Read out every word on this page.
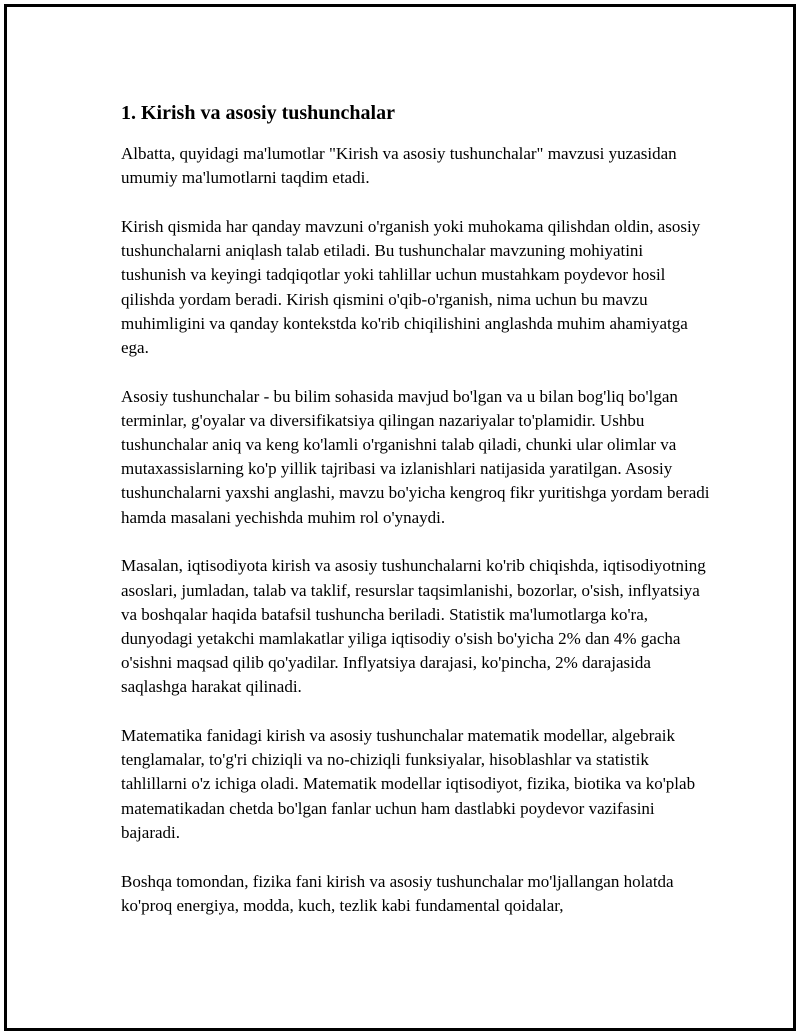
1. Kirish va asosiy tushunchalar

Albatta, quyidagi ma'lumotlar "Kirish va asosiy tushunchalar" mavzusi yuzasidan umumiy ma'lumotlarni taqdim etadi.

Kirish qismida har qanday mavzuni o'rganish yoki muhokama qilishdan oldin, asosiy tushunchalarni aniqlash talab etiladi. Bu tushunchalar mavzuning mohiyatini tushunish va keyingi tadqiqotlar yoki tahlillar uchun mustahkam poydevor hosil qilishda yordam beradi. Kirish qismini o'qib-o'rganish, nima uchun bu mavzu muhimligini va qanday kontekstda ko'rib chiqilishini anglashda muhim ahamiyatga ega.

Asosiy tushunchalar - bu bilim sohasida mavjud bo'lgan va u bilan bog'liq bo'lgan terminlar, g'oyalar va diversifikatsiya qilingan nazariyalar to'plamidir. Ushbu tushunchalar aniq va keng ko'lamli o'rganishni talab qiladi, chunki ular olimlar va mutaxassislarning ko'p yillik tajribasi va izlanishlari natijasida yaratilgan. Asosiy tushunchalarni yaxshi anglashi, mavzu bo'yicha kengroq fikr yuritishga yordam beradi hamda masalani yechishda muhim rol o'ynaydi.

Masalan, iqtisodiyota kirish va asosiy tushunchalarni ko'rib chiqishda, iqtisodiyotning asoslari, jumladan, talab va taklif, resurslar taqsimlanishi, bozorlar, o'sish, inflyatsiya va boshqalar haqida batafsil tushuncha beriladi. Statistik ma'lumotlarga ko'ra, dunyodagi yetakchi mamlakatlar yiliga iqtisodiy o'sish bo'yicha 2% dan 4% gacha o'sishni maqsad qilib qo'yadilar. Inflyatsiya darajasi, ko'pincha, 2% darajasida saqlashga harakat qilinadi.

Matematika fanidagi kirish va asosiy tushunchalar matematik modellar, algebraik tenglamalar, to'g'ri chiziqli va no-chiziqli funksiyalar, hisoblashlar va statistik tahlillarni o'z ichiga oladi. Matematik modellar iqtisodiyot, fizika, biotika va ko'plab matematikadan chetda bo'lgan fanlar uchun ham dastlabki poydevor vazifasini bajaradi.

Boshqa tomondan, fizika fani kirish va asosiy tushunchalar mo'ljallangan holatda ko'proq energiya, modda, kuch, tezlik kabi fundamental qoidalar,
